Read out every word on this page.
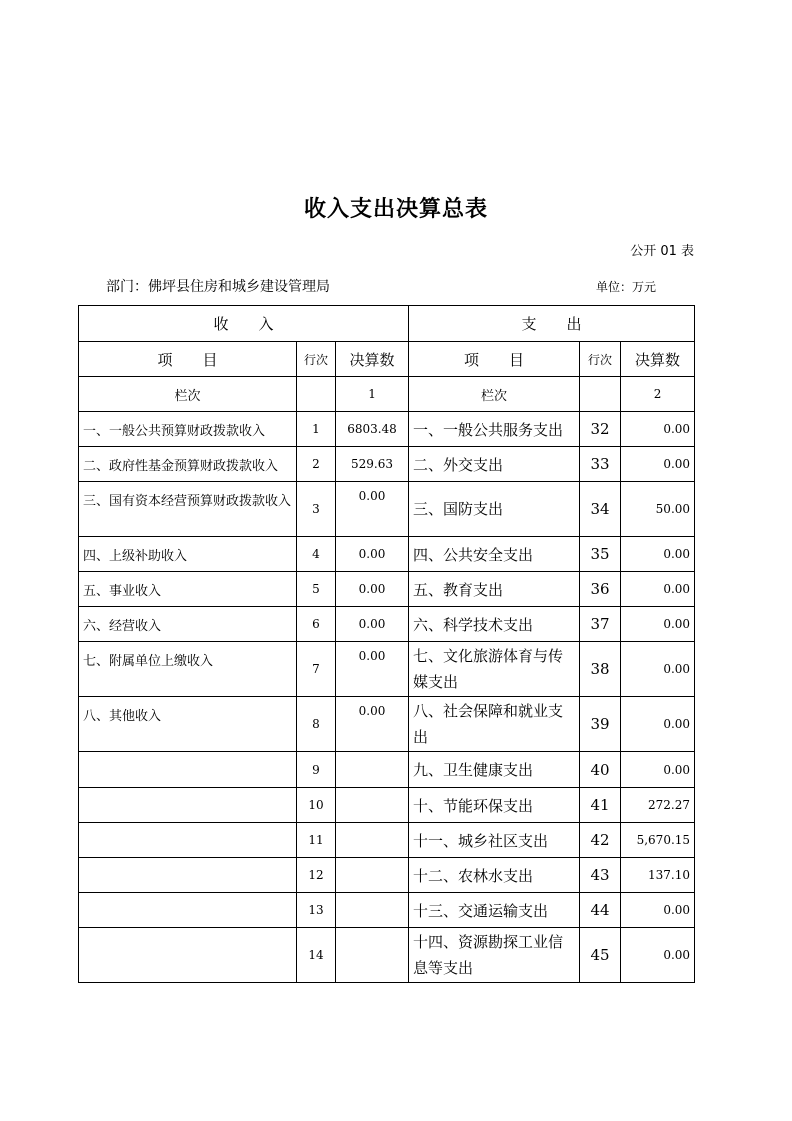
收入支出决算总表
公开 01 表
部门：佛坪县住房和城乡建设管理局	单位：万元
收　　入			支　　出		
项　　目	行次	决算数	项　　目	行次	决算数
栏次		1	栏次		2
一、一般公共预算财政拨款收入	1	6803.48	一、一般公共服务支出	32	0.00
二、政府性基金预算财政拨款收入	2	529.63	二、外交支出	33	0.00
三、国有资本经营预算财政拨款收入	3	0.00	三、国防支出	34	50.00
四、上级补助收入	4	0.00	四、公共安全支出	35	0.00
五、事业收入	5	0.00	五、教育支出	36	0.00
六、经营收入	6	0.00	六、科学技术支出	37	0.00
七、附属单位上缴收入	7	0.00	七、文化旅游体育与传媒支出	38	0.00
八、其他收入	8	0.00	八、社会保障和就业支出	39	0.00
	9		九、卫生健康支出	40	0.00
	10		十、节能环保支出	41	272.27
	11		十一、城乡社区支出	42	5,670.15
	12		十二、农林水支出	43	137.10
	13		十三、交通运输支出	44	0.00
	14		十四、资源勘探工业信息等支出	45	0.00
